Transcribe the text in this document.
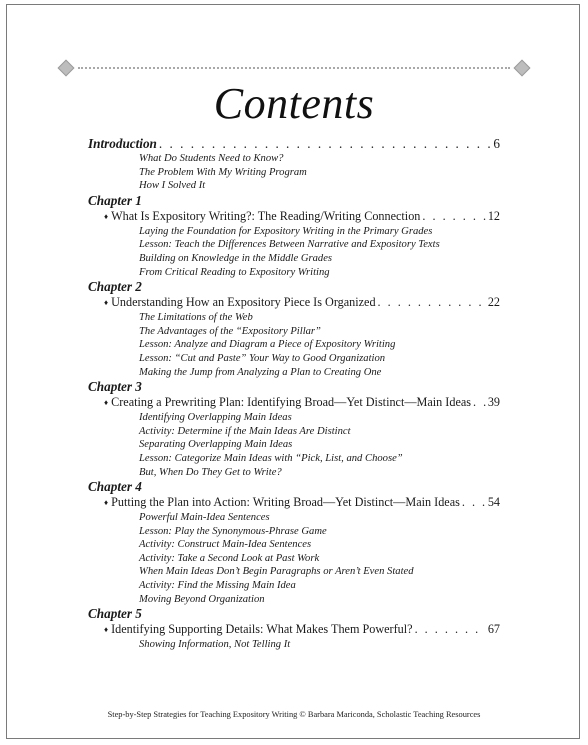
Contents
Introduction . . .	6
What Do Students Need to Know?
The Problem With My Writing Program
How I Solved It
Chapter 1
♦ What Is Expository Writing?: The Reading/Writing Connection . . .	12
Laying the Foundation for Expository Writing in the Primary Grades
Lesson: Teach the Differences Between Narrative and Expository Texts
Building on Knowledge in the Middle Grades
From Critical Reading to Expository Writing
Chapter 2
♦ Understanding How an Expository Piece Is Organized . . .	22
The Limitations of the Web
The Advantages of the “Expository Pillar”
Lesson: Analyze and Diagram a Piece of Expository Writing
Lesson: “Cut and Paste” Your Way to Good Organization
Making the Jump from Analyzing a Plan to Creating One
Chapter 3
♦ Creating a Prewriting Plan: Identifying Broad—Yet Distinct—Main Ideas . . . 39
Identifying Overlapping Main Ideas
Activity: Determine if the Main Ideas Are Distinct
Separating Overlapping Main Ideas
Lesson: Categorize Main Ideas with “Pick, List, and Choose”
But, When Do They Get to Write?
Chapter 4
♦ Putting the Plan into Action: Writing Broad—Yet Distinct—Main Ideas . . . 54
Powerful Main-Idea Sentences
Lesson: Play the Synonymous-Phrase Game
Activity: Construct Main-Idea Sentences
Activity: Take a Second Look at Past Work
When Main Ideas Don’t Begin Paragraphs or Aren’t Even Stated
Activity: Find the Missing Main Idea
Moving Beyond Organization
Chapter 5
♦ Identifying Supporting Details: What Makes Them Powerful? . . .	67
Showing Information, Not Telling It
Step-by-Step Strategies for Teaching Expository Writing © Barbara Mariconda, Scholastic Teaching Resources
